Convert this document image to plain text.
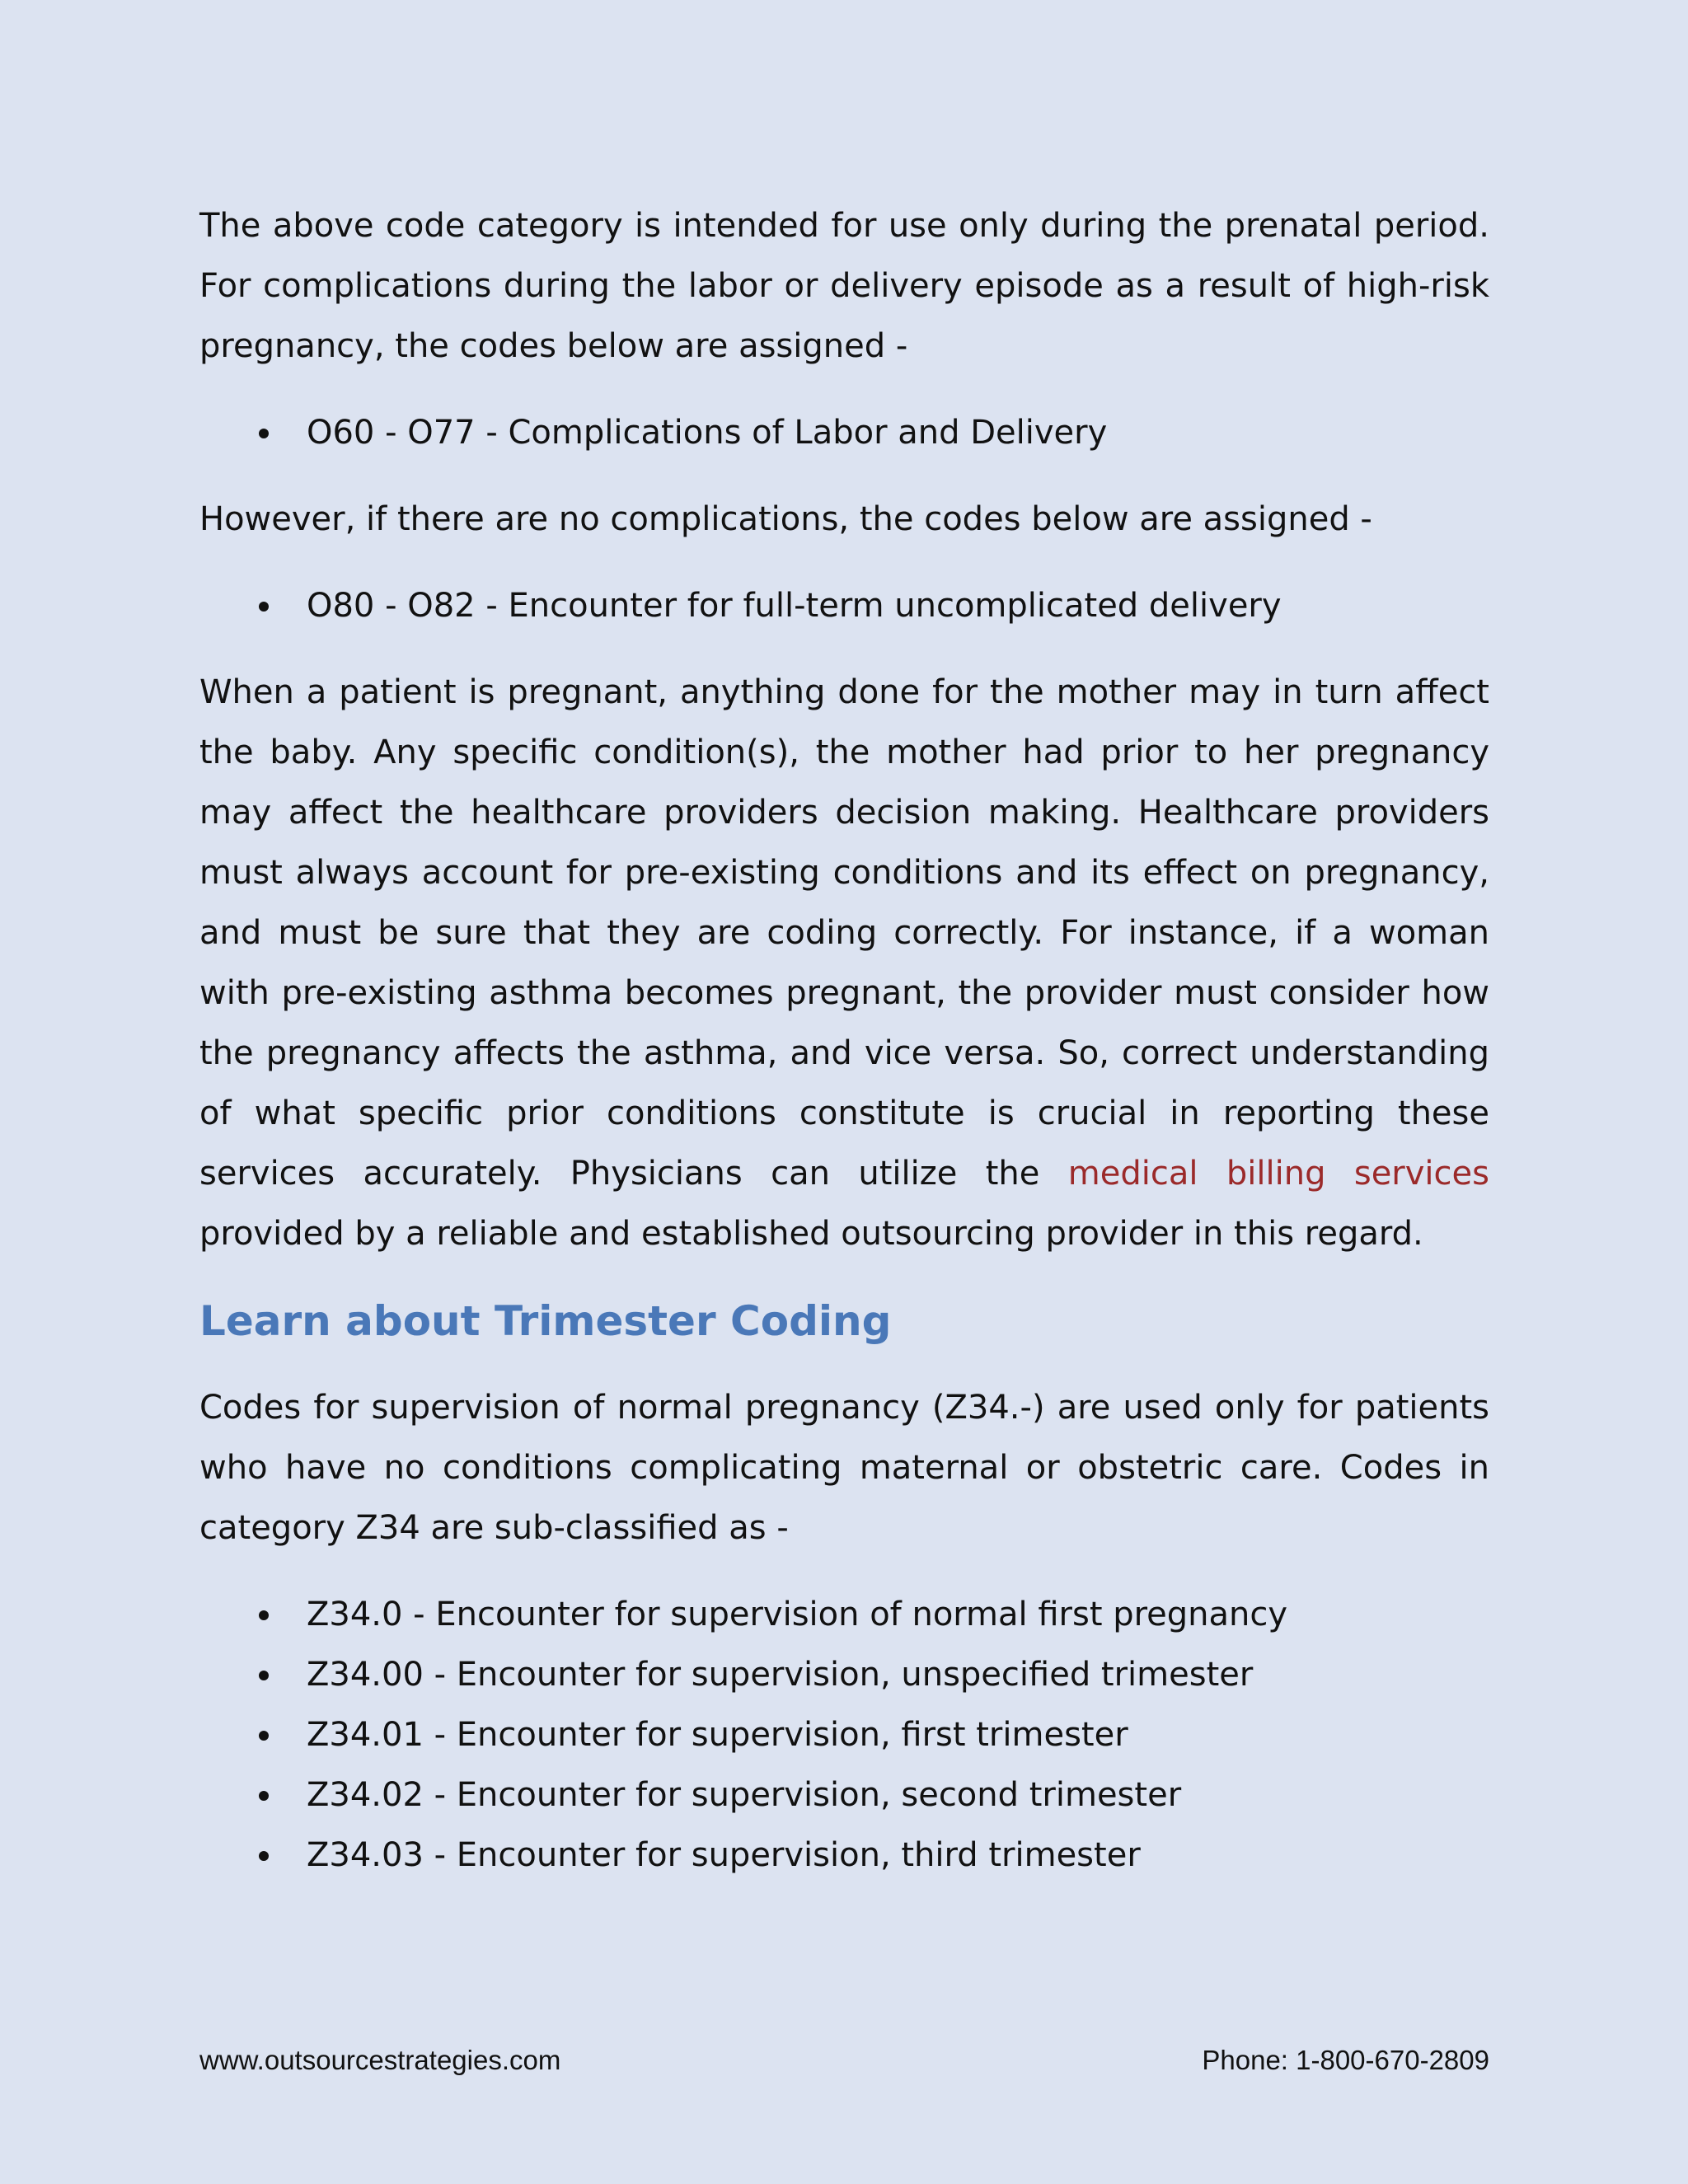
The above code category is intended for use only during the prenatal period. For complications during the labor or delivery episode as a result of high-risk pregnancy, the codes below are assigned -

O60 - O77 - Complications of Labor and Delivery

However, if there are no complications, the codes below are assigned -

O80 - O82 - Encounter for full-term uncomplicated delivery

When a patient is pregnant, anything done for the mother may in turn affect the baby. Any specific condition(s), the mother had prior to her pregnancy may affect the healthcare providers decision making. Healthcare providers must always account for pre-existing conditions and its effect on pregnancy, and must be sure that they are coding correctly. For instance, if a woman with pre-existing asthma becomes pregnant, the provider must consider how the pregnancy affects the asthma, and vice versa. So, correct understanding of what specific prior conditions constitute is crucial in reporting these services accurately. Physicians can utilize the medical billing services provided by a reliable and established outsourcing provider in this regard.

Learn about Trimester Coding

Codes for supervision of normal pregnancy (Z34.-) are used only for patients who have no conditions complicating maternal or obstetric care. Codes in category Z34 are sub-classified as -

Z34.0 - Encounter for supervision of normal first pregnancy
Z34.00 - Encounter for supervision, unspecified trimester
Z34.01 - Encounter for supervision, first trimester
Z34.02 - Encounter for supervision, second trimester
Z34.03 - Encounter for supervision, third trimester
www.outsourcestrategies.com	Phone: 1-800-670-2809
